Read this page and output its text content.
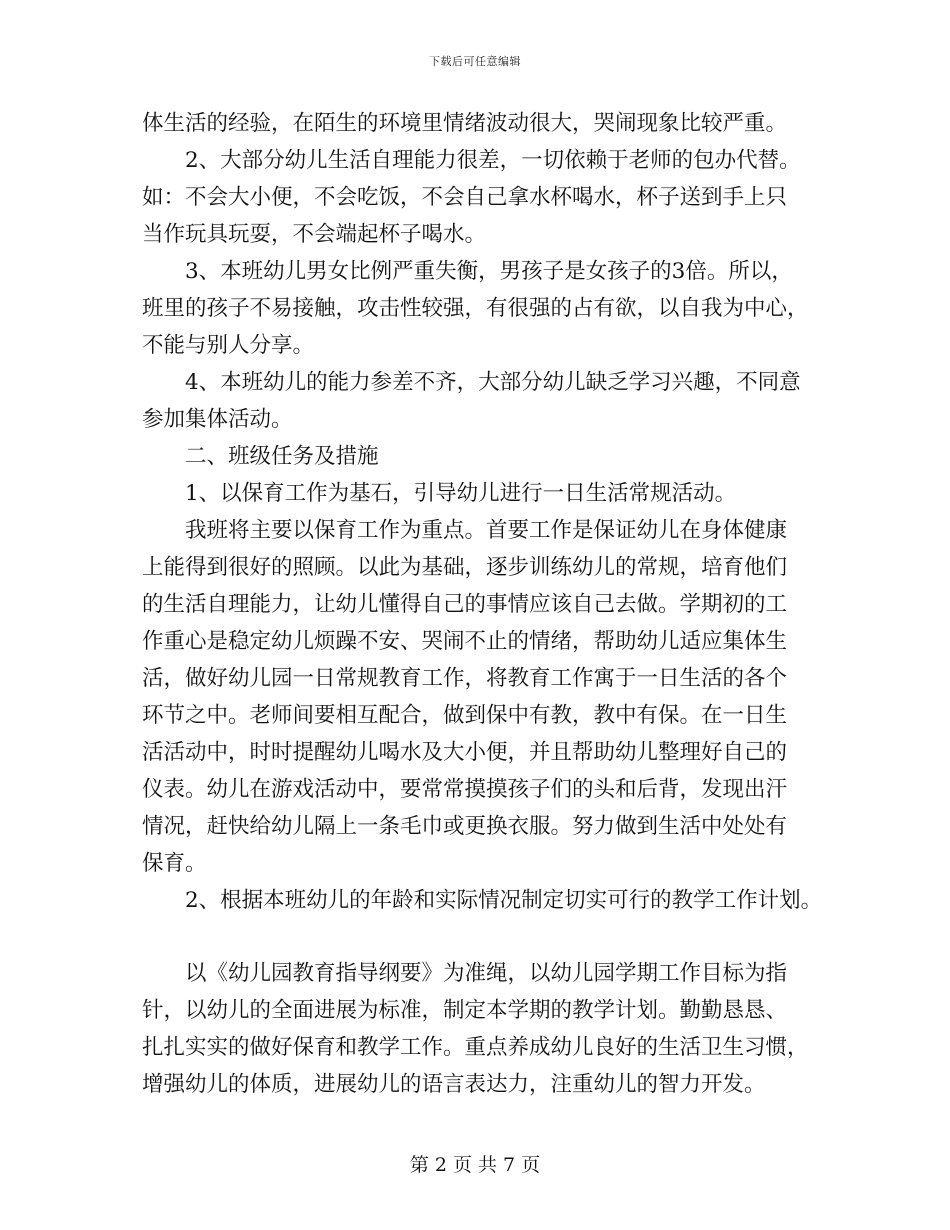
下载后可任意编辑
体生活的经验，在陌生的环境里情绪波动很大，哭闹现象比较严重。
2、大部分幼儿生活自理能力很差，一切依赖于老师的包办代替。
如：不会大小便，不会吃饭，不会自己拿水杯喝水，杯子送到手上只
当作玩具玩耍，不会端起杯子喝水。
3、本班幼儿男女比例严重失衡，男孩子是女孩子的3倍。所以，
班里的孩子不易接触，攻击性较强，有很强的占有欲，以自我为中心，
不能与别人分享。
4、本班幼儿的能力参差不齐，大部分幼儿缺乏学习兴趣，不同意
参加集体活动。
二、班级任务及措施
1、以保育工作为基石，引导幼儿进行一日生活常规活动。
我班将主要以保育工作为重点。首要工作是保证幼儿在身体健康
上能得到很好的照顾。以此为基础，逐步训练幼儿的常规，培育他们
的生活自理能力，让幼儿懂得自己的事情应该自己去做。学期初的工
作重心是稳定幼儿烦躁不安、哭闹不止的情绪，帮助幼儿适应集体生
活，做好幼儿园一日常规教育工作，将教育工作寓于一日生活的各个
环节之中。老师间要相互配合，做到保中有教，教中有保。在一日生
活活动中，时时提醒幼儿喝水及大小便，并且帮助幼儿整理好自己的
仪表。幼儿在游戏活动中，要常常摸摸孩子们的头和后背，发现出汗
情况，赶快给幼儿隔上一条毛巾或更换衣服。努力做到生活中处处有
保育。
2、根据本班幼儿的年龄和实际情况制定切实可行的教学工作计划。
以《幼儿园教育指导纲要》为准绳，以幼儿园学期工作目标为指
针，以幼儿的全面进展为标准，制定本学期的教学计划。勤勤恳恳、
扎扎实实的做好保育和教学工作。重点养成幼儿良好的生活卫生习惯，
增强幼儿的体质，进展幼儿的语言表达力，注重幼儿的智力开发。
第 2 页 共 7 页
